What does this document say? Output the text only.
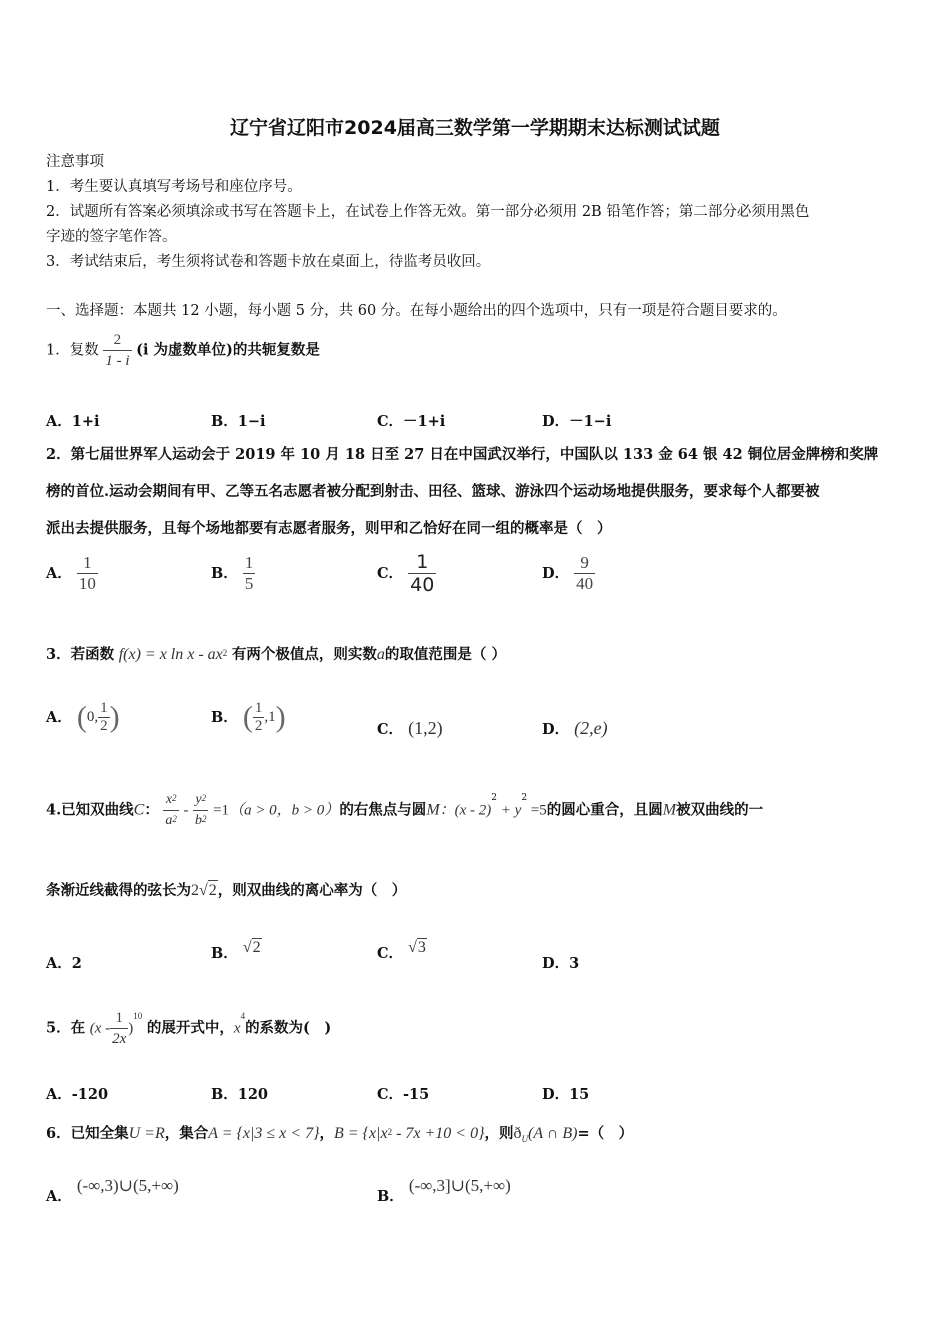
辽宁省辽阳市2024届高三数学第一学期期末达标测试试题
注意事项
1．考生要认真填写考场号和座位序号。
2．试题所有答案必须填涂或书写在答题卡上，在试卷上作答无效。第一部分必须用 2B 铅笔作答；第二部分必须用黑色
字迹的签字笔作答。
3．考试结束后，考生须将试卷和答题卡放在桌面上，待监考员收回。
一、选择题：本题共 12 小题，每小题 5 分，共 60 分。在每小题给出的四个选项中，只有一项是符合题目要求的。
1．复数 $\frac{2}{1 - i} (i$ 为虚数单位)的共轭复数是
A．1+i	B．1−i	C．－1+i	D．－1−i
2．第七届世界军人运动会于 2019 年 10 月 18 日至 27 日在中国武汉举行，中国队以 133 金 64 银 42 铜位居金牌榜和奖牌
榜的首位.运动会期间有甲、乙等五名志愿者被分配到射击、田径、篮球、游泳四个运动场地提供服务，要求每个人都要被
派出去提供服务，且每个场地都要有志愿者服务，则甲和乙恰好在同一组的概率是（　）
A． $\frac{1}{10}$	B． $\frac{1}{5}$	C． $\frac{1}{40}$	D． $\frac{9}{40}$
3．若函数 f(x) = x ln x - $ax^2$ 有两个极值点，则实数a的取值范围是（ ）
A． (0, $\frac{1}{2}$ )	B． ( $\frac{1}{2} ,1$)	C． (1,2)	D． (2,e)
4.已知双曲线C： $\frac{x^2}{a^2} - \frac{y^2}{b^2} =1(a > 0$，b > 0）的右焦点与圆M：$(x - 2)^2 + y^2 =5$的圆心重合，且圆M被双曲线的一
条渐近线截得的弦长为2√2，则双曲线的离心率为（　）
A．2
B． √2	C． √3
D．3
5．在 $(x - \frac{1}{2x} )^{10}$ 的展开式中，$x^4$的系数为(　)
A．-120	B．120	C．-15	D．15
6．已知全集U =R，集合A = {x|3 ≤ x < 7}，$B = \{x|x^2 - 7x +10 < 0\}$，则$ð_U(A$ ∩ B)=（　）
A． (-∞,3)∪(5,+∞)
B． (-∞,3]∪(5,+∞)
